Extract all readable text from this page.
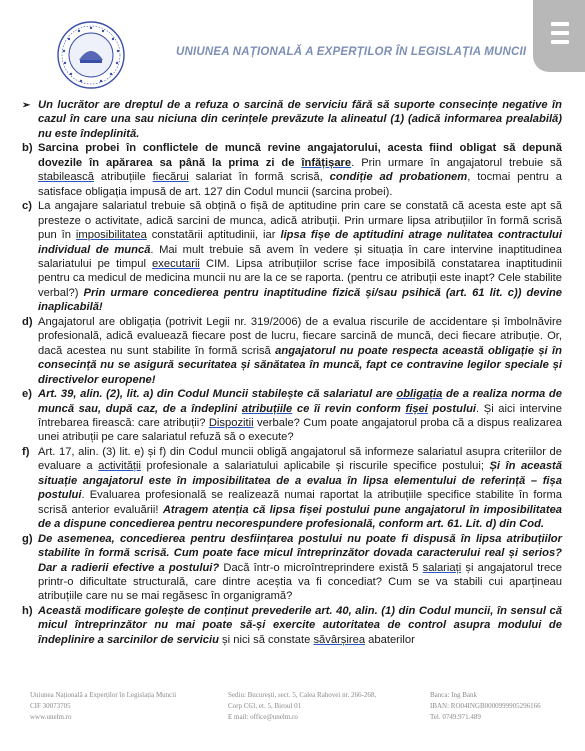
UNIUNEA NAȚIONALĂ A EXPERȚILOR ÎN LEGISLAȚIA MUNCII
➢ Un lucrător are dreptul de a refuza o sarcină de serviciu fără să suporte consecințe negative în cazul în care una sau niciuna din cerințele prevăzute la alineatul (1) (adică informarea prealabilă) nu este îndeplinită.
b) Sarcina probei în conflictele de muncă revine angajatorului, acesta fiind obligat să depună dovezile în apărarea sa până la prima zi de înfățișare. Prin urmare în angajatorul trebuie să stabilească atribuțiile fiecărui salariat în formă scrisă, condiție ad probationem, tocmai pentru a satisface obligația impusă de art. 127 din Codul muncii (sarcina probei).
c) La angajare salariatul trebuie să obțină o fișă de aptitudine prin care se constată că acesta este apt să presteze o activitate, adică sarcini de munca, adică atribuții. Prin urmare lipsa atribuțiilor în formă scrisă pun în imposibilitatea constatării aptitudinii, iar lipsa fișe de aptitudini atrage nulitatea contractului individual de muncă. Mai mult trebuie să avem în vedere și situația în care intervine inaptitudinea salariatului pe timpul executarii CIM. Lipsa atribuțiilor scrise face imposibilă constatarea inaptitudinii pentru ca medicul de medicina muncii nu are la ce se raporta. (pentru ce atribuții este inapt? Cele stabilite verbal?) Prin urmare concedierea pentru inaptitudine fizică și/sau psihică (art. 61 lit. c)) devine inaplicabilă!
d) Angajatorul are obligația (potrivit Legii nr. 319/2006) de a evalua riscurile de accidentare și îmbolnăvire profesională, adică evaluează fiecare post de lucru, fiecare sarcină de muncă, deci fiecare atribuție. Or, dacă acestea nu sunt stabilite în formă scrisă angajatorul nu poate respecta această obligație și în consecință nu se asigură securitatea și sănătatea în muncă, fapt ce contravine legilor speciale și directivelor europene!
e) Art. 39, alin. (2), lit. a) din Codul Muncii stabilește că salariatul are obligația de a realiza norma de muncă sau, după caz, de a îndeplini atribuțiile ce îi revin conform fișei postului. Și aici intervine întrebarea firească: care atribuții? Dispozitii verbale? Cum poate angajatorul proba că a dispus realizarea unei atribuții pe care salariatul refuză să o execute?
f) Art. 17, alin. (3) lit. e) și f) din Codul muncii obligă angajatorul să informeze salariatul asupra criteriilor de evaluare a activității profesionale a salariatului aplicabile și riscurile specifice postului; Și în această situație angajatorul este în imposibilitatea de a evalua în lipsa elementului de referință – fișa postului. Evaluarea profesională se realizează numai raportat la atribuțiile specifice stabilite în forma scrisă anterior evaluării! Atragem atenția că lipsa fișei postului pune angajatorul în imposibilitatea de a dispune concedierea pentru necorespundere profesională, conform art. 61. Lit. d) din Cod.
g) De asemenea, concedierea pentru desființarea postului nu poate fi dispusă în lipsa atribuțiilor stabilite în formă scrisă. Cum poate face micul întreprinzător dovada caracterului real și serios? Dar a radierii efective a postului? Dacă într-o microîntreprindere există 5 salariați și angajatorul trece printr-o dificultate structurală, care dintre aceștia va fi concediat? Cum se va stabili cui aparțineau atribuțiile care nu se mai regăsesc în organigramă?
h) Această modificare golește de conținut prevederile art. 40, alin. (1) din Codul muncii, în sensul că micul întreprinzător nu mai poate să-și exercite autoritatea de control asupra modului de îndeplinire a sarcinilor de serviciu și nici să constate săvârșirea abaterilor
Uniunea Națională a Experților în Legislația Muncii
CIF 30073705
www.unelm.ro
Sediu: București, sect. 5, Calea Rahovei nr. 266-268,
Corp C63, et. 5, Biroul 01
E mail: office@unelm.ro
Banca: Ing Bank
IBAN: RO04INGB0000999905296166
Tel. 0749.971.489
